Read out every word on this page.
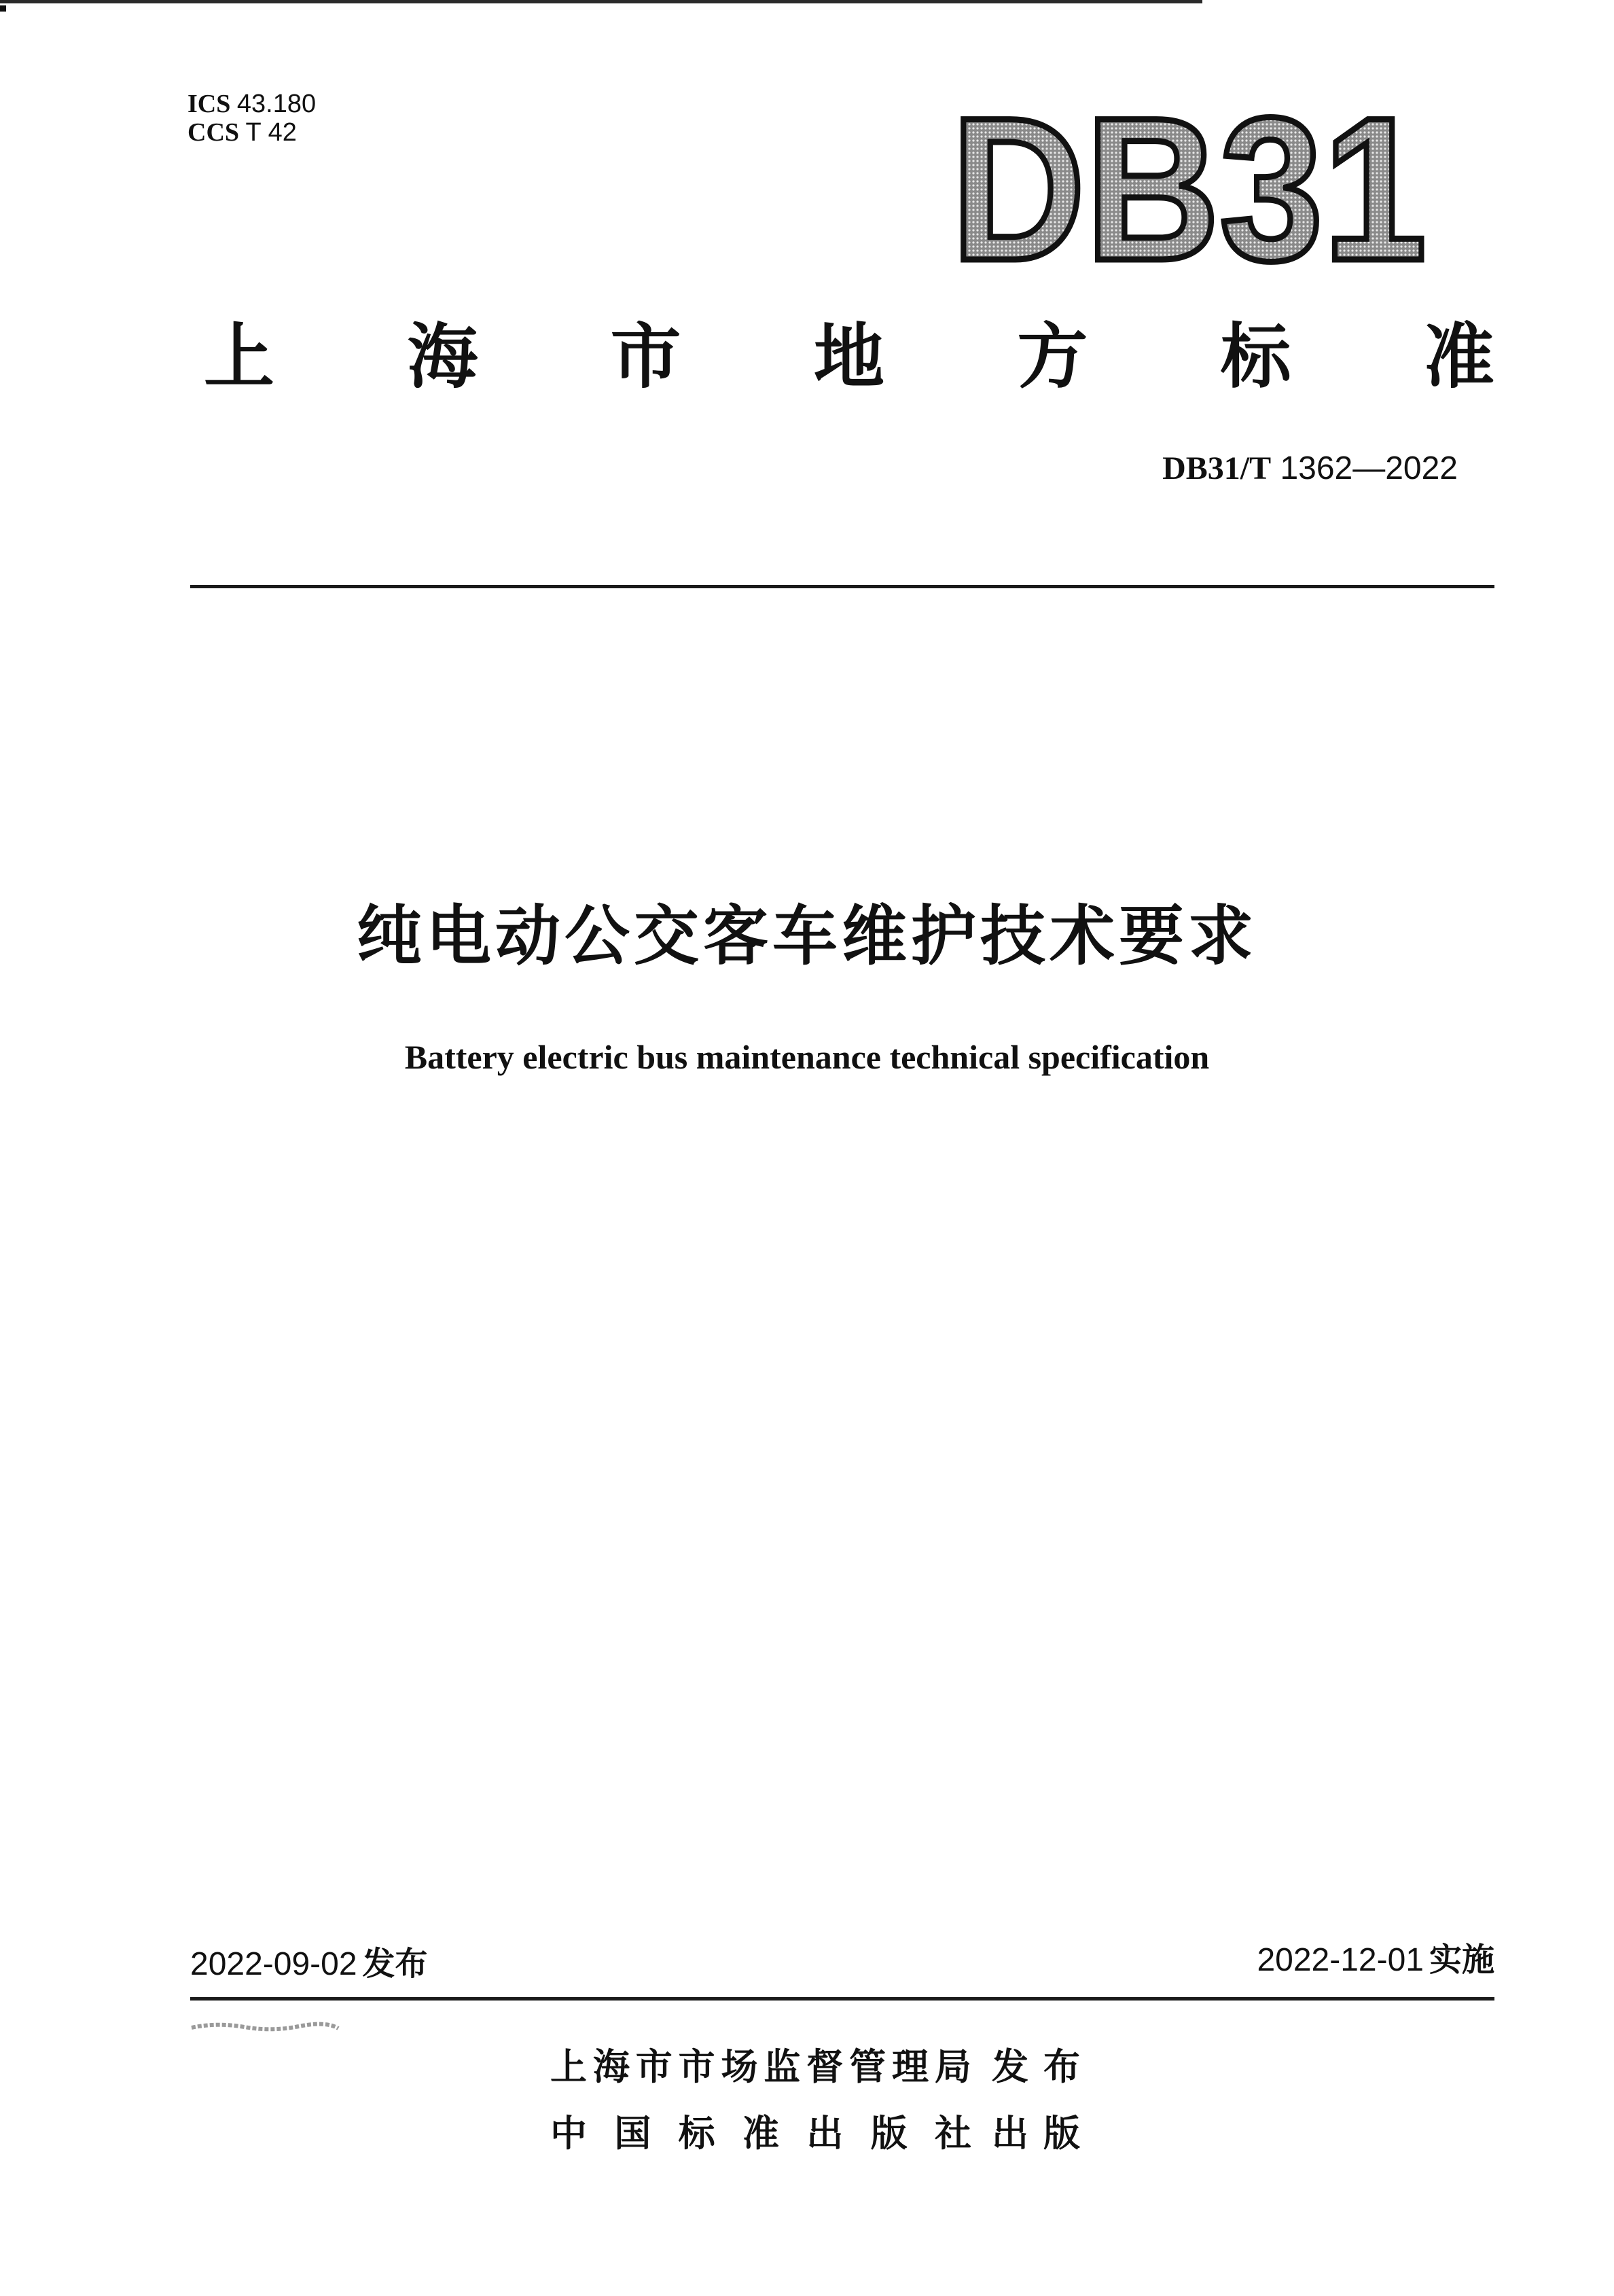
ICS 43.180
CCS T 42	DB31
上 海 市 地 方 标 准
DB31/T 1362—2022
纯电动公交客车维护技术要求
Battery electric bus maintenance technical specification
2022-09-02 发布	2022-12-01 实施
上 海 市 市 场 监 督 管 理 局 发 布
中 国 标 准 出 版 社 出 版
